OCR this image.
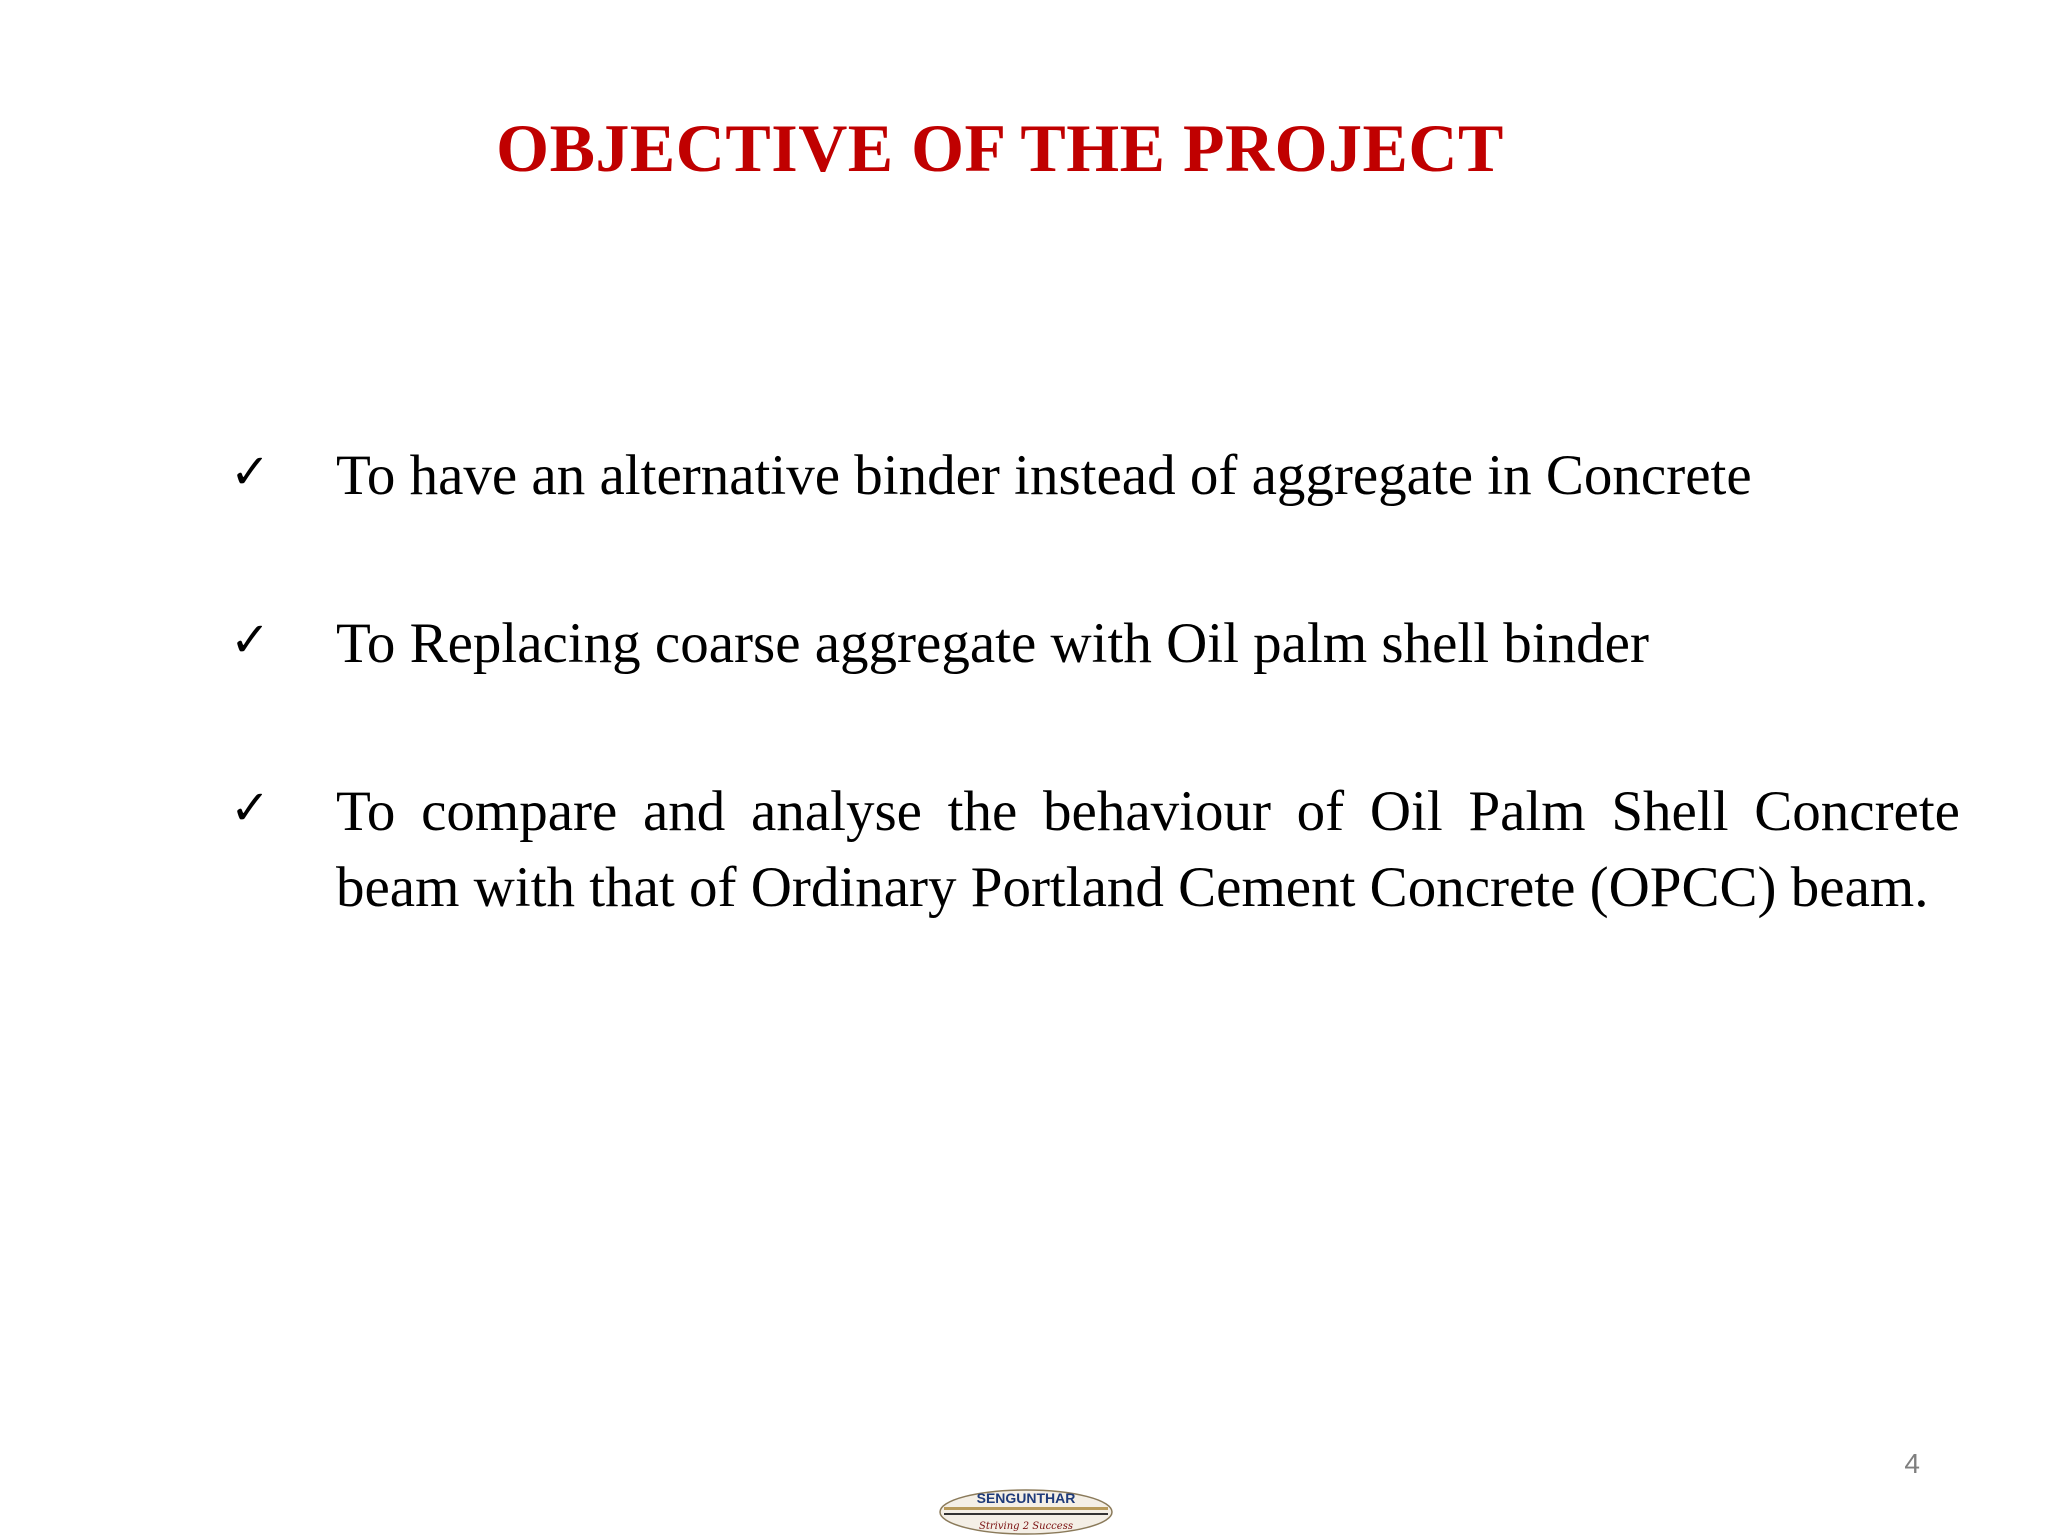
OBJECTIVE OF THE PROJECT
✓ To have an alternative binder instead of aggregate in Concrete
✓ To Replacing coarse aggregate with Oil palm shell binder
✓ To compare and analyse the behaviour of Oil Palm Shell Concrete beam with that of Ordinary Portland Cement Concrete (OPCC) beam.
4
SENGUNTHAR
Striving 2 Success
